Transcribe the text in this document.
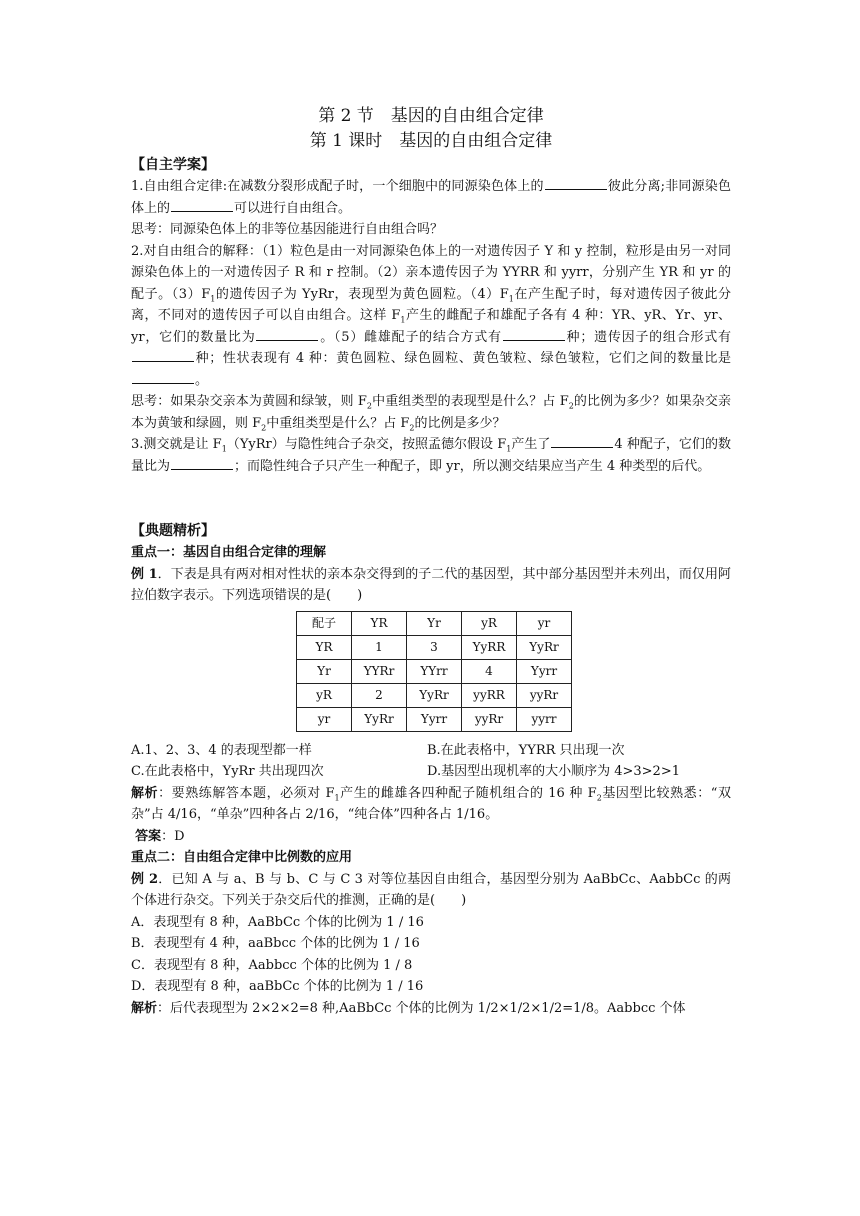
第 2 节　基因的自由组合定律

第 1 课时　基因的自由组合定律

【自主学案】

1.自由组合定律:在减数分裂形成配子时，一个细胞中的同源染色体上的	彼此分离;非同源染色体上的	可以进行自由组合。

思考：同源染色体上的非等位基因能进行自由组合吗？

2.对自由组合的解释：（1）粒色是由一对同源染色体上的一对遗传因子 Y 和 y 控制，粒形是由另一对同源染色体上的一对遗传因子 R 和 r 控制。（2）亲本遗传因子为 YYRR 和 yyrr，分别产生 YR 和 yr 的配子。$(3)F_1$的遗传因子为 YyRr，表现型为黄色圆粒。$(4)F_1$在产生配子时，每对遗传因子彼此分离，不同对的遗传因子可以自由组合。这样 $F_1$产生的雌配子和雄配子各有 4 种：YR、yR、Yr、yr、yr，它们的数量比为	。（5）雌雄配子的结合方式有	种；遗传因子的组合形式有种；性状表现有 4 种：黄色圆粒、绿色圆粒、黄色皱粒、绿色皱粒，它们之间的数量比是。

思考：如果杂交亲本为黄圆和绿皱，则 $F_2$中重组类型的表现型是什么？占 $F_2$的比例为多少？如果杂交亲本为黄皱和绿圆，则 $F_2$中重组类型是什么？占 $F_2$的比例是多少？

3.测交就是让 $F_1(YyRr)$与隐性纯合子杂交，按照孟德尔假设 $F_1$产生了	4 种配子，它们的数量比为	；而隐性纯合子只产生一种配子，即 yr，所以测交结果应当产生 4 种类型的后代。

【典题精析】

重点一：基因自由组合定律的理解

例 1．下表是具有两对相对性状的亲本杂交得到的子二代的基因型，其中部分基因型并未列出，而仅用阿拉伯数字表示。下列选项错误的是(　　)

配子	YR	Yr	yR	yr
YR	1	3	YyRR	YyRr
Yr	YYRr	YYrr	4	Yyrr
yR	2	YyRr	yyRR	yyRr
yr	YyRr	Yyrr	yyRr	yyrr
A.1、2、3、4 的表现型都一样	B.在此表格中，YYRR 只出现一次
C.在此表格中，YyRr 共出现四次	D.基因型出现机率的大小顺序为 4>3>2>1

解析：要熟练解答本题，必须对 $F_1$产生的雌雄各四种配子随机组合的 16 种 $F_2$基因型比较熟悉：“双杂”占 4/16，“单杂”四种各占 2/16，“纯合体”四种各占 1/16。

答案：D

重点二：自由组合定律中比例数的应用

例 2．已知 A 与 a、B 与 b、C 与 C 3 对等位基因自由组合，基因型分别为 AaBbCc、AabbCc 的两个体进行杂交。下列关于杂交后代的推测，正确的是(　　)

A．表现型有 8 种，AaBbCc 个体的比例为 1 / 16

B．表现型有 4 种，aaBbcc 个体的比例为 1 / 16

C．表现型有 8 种，Aabbcc 个体的比例为 1 / 8

D．表现型有 8 种，aaBbCc 个体的比例为 1 / 16

解析：后代表现型为 2×2×2=8 种,AaBbCc 个体的比例为 1/2×1/2×1/2=1/8。Aabbcc 个体
